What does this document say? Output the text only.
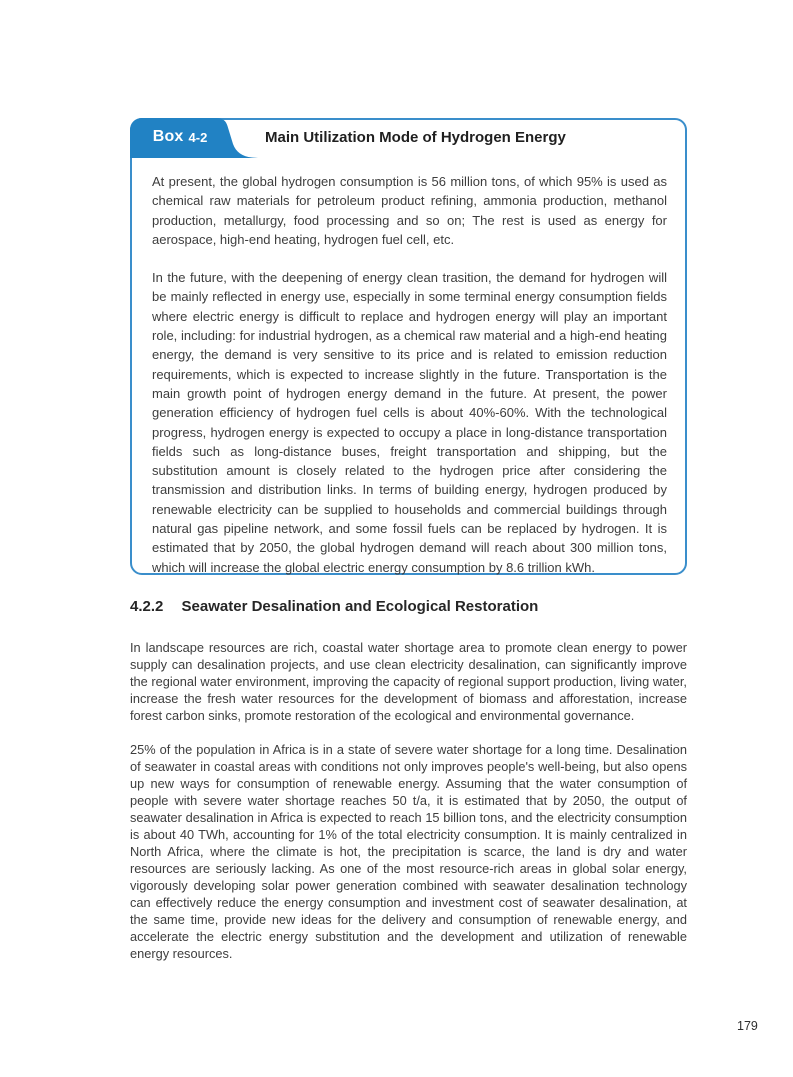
Box 4-2	Main Utilization Mode of Hydrogen Energy

At present, the global hydrogen consumption is 56 million tons, of which 95% is used as chemical raw materials for petroleum product refining, ammonia production, methanol production, metallurgy, food processing and so on; The rest is used as energy for aerospace, high-end heating, hydrogen fuel cell, etc.

In the future, with the deepening of energy clean trasition, the demand for hydrogen will be mainly reflected in energy use, especially in some terminal energy consumption fields where electric energy is difficult to replace and hydrogen energy will play an important role, including: for industrial hydrogen, as a chemical raw material and a high-end heating energy, the demand is very sensitive to its price and is related to emission reduction requirements, which is expected to increase slightly in the future. Transportation is the main growth point of hydrogen energy demand in the future. At present, the power generation efficiency of hydrogen fuel cells is about 40%-60%. With the technological progress, hydrogen energy is expected to occupy a place in long-distance transportation fields such as long-distance buses, freight transportation and shipping, but the substitution amount is closely related to the hydrogen price after considering the transmission and distribution links. In terms of building energy, hydrogen produced by renewable electricity can be supplied to households and commercial buildings through natural gas pipeline network, and some fossil fuels can be replaced by hydrogen. It is estimated that by 2050, the global hydrogen demand will reach about 300 million tons, which will increase the global electric energy consumption by 8.6 trillion kWh.

4.2.2 Seawater Desalination and Ecological Restoration

In landscape resources are rich, coastal water shortage area to promote clean energy to power supply can desalination projects, and use clean electricity desalination, can significantly improve the regional water environment, improving the capacity of regional support production, living water, increase the fresh water resources for the development of biomass and afforestation, increase forest carbon sinks, promote restoration of the ecological and environmental governance.

25% of the population in Africa is in a state of severe water shortage for a long time. Desalination of seawater in coastal areas with conditions not only improves people's well-being, but also opens up new ways for consumption of renewable energy. Assuming that the water consumption of people with severe water shortage reaches 50 t/a, it is estimated that by 2050, the output of seawater desalination in Africa is expected to reach 15 billion tons, and the electricity consumption is about 40 TWh, accounting for 1% of the total electricity consumption. It is mainly centralized in North Africa, where the climate is hot, the precipitation is scarce, the land is dry and water resources are seriously lacking. As one of the most resource-rich areas in global solar energy, vigorously developing solar power generation combined with seawater desalination technology can effectively reduce the energy consumption and investment cost of seawater desalination, at the same time, provide new ideas for the delivery and consumption of renewable energy, and accelerate the electric energy substitution and the development and utilization of renewable energy resources.

179
